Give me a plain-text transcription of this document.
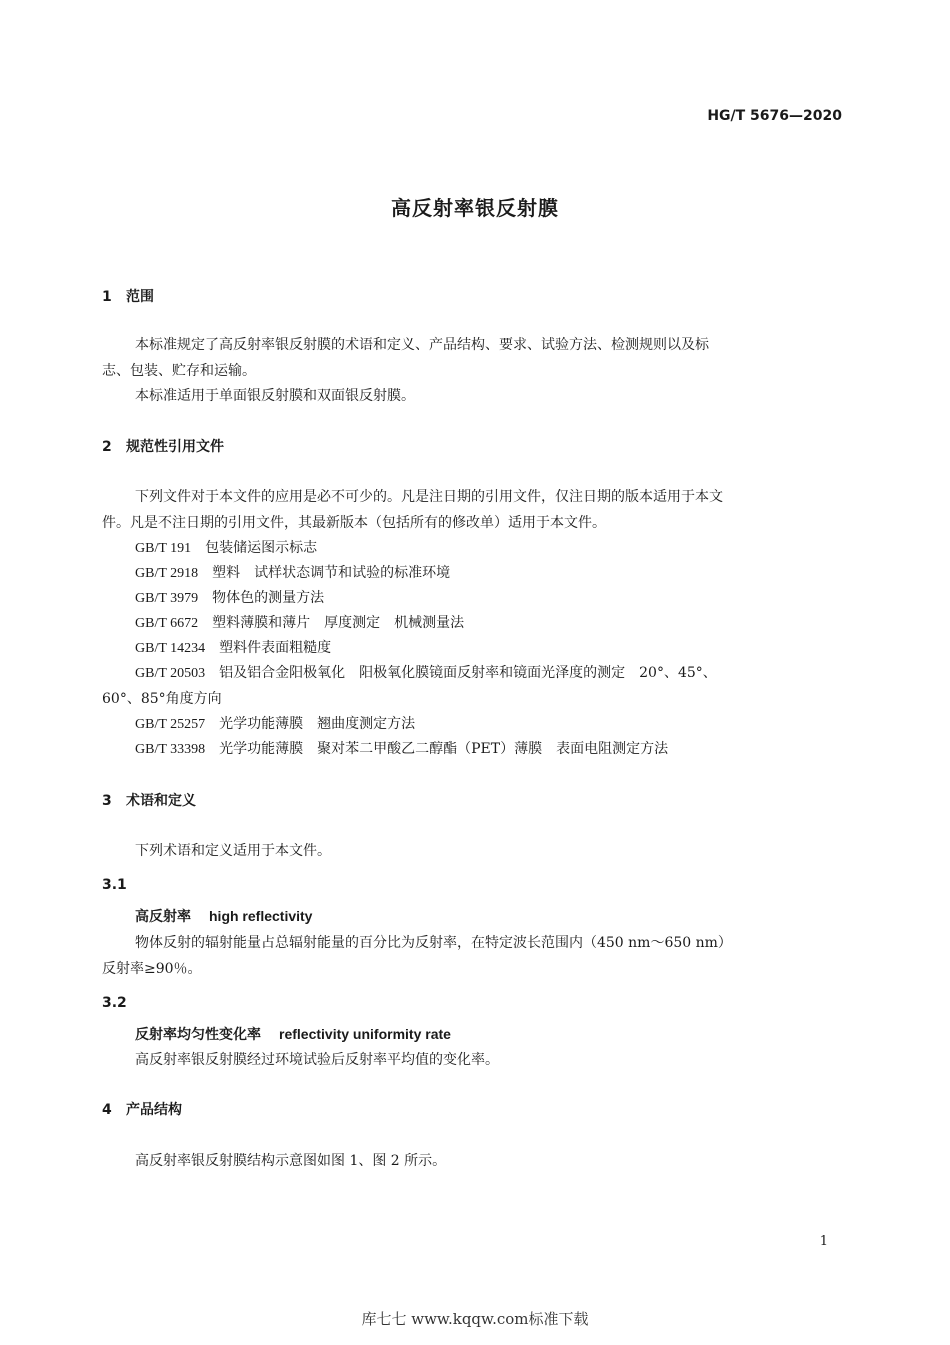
HG/T 5676—2020
高反射率银反射膜
1 范围
本标准规定了高反射率银反射膜的术语和定义、产品结构、要求、试验方法、检测规则以及标
志、包装、贮存和运输。
本标准适用于单面银反射膜和双面银反射膜。
2 规范性引用文件
下列文件对于本文件的应用是必不可少的。凡是注日期的引用文件，仅注日期的版本适用于本文
件。凡是不注日期的引用文件，其最新版本（包括所有的修改单）适用于本文件。
GB/T 191 包装储运图示标志
GB/T 2918 塑料　试样状态调节和试验的标准环境
GB/T 3979 物体色的测量方法
GB/T 6672 塑料薄膜和薄片　厚度测定　机械测量法
GB/T 14234 塑料件表面粗糙度
GB/T 20503 铝及铝合金阳极氧化　阳极氧化膜镜面反射率和镜面光泽度的测定　20°、45°、
60°、85°角度方向
GB/T 25257 光学功能薄膜　翘曲度测定方法
GB/T 33398 光学功能薄膜　聚对苯二甲酸乙二醇酯（PET）薄膜　表面电阻测定方法
3 术语和定义
下列术语和定义适用于本文件。
3.1
高反射率 high reflectivity
物体反射的辐射能量占总辐射能量的百分比为反射率，在特定波长范围内（450 nm～650 nm）
反射率≥90％。
3.2
反射率均匀性变化率 reflectivity uniformity rate
高反射率银反射膜经过环境试验后反射率平均值的变化率。
4 产品结构
高反射率银反射膜结构示意图如图 1、图 2 所示。
1
库七七 www.kqqw.com标准下载
